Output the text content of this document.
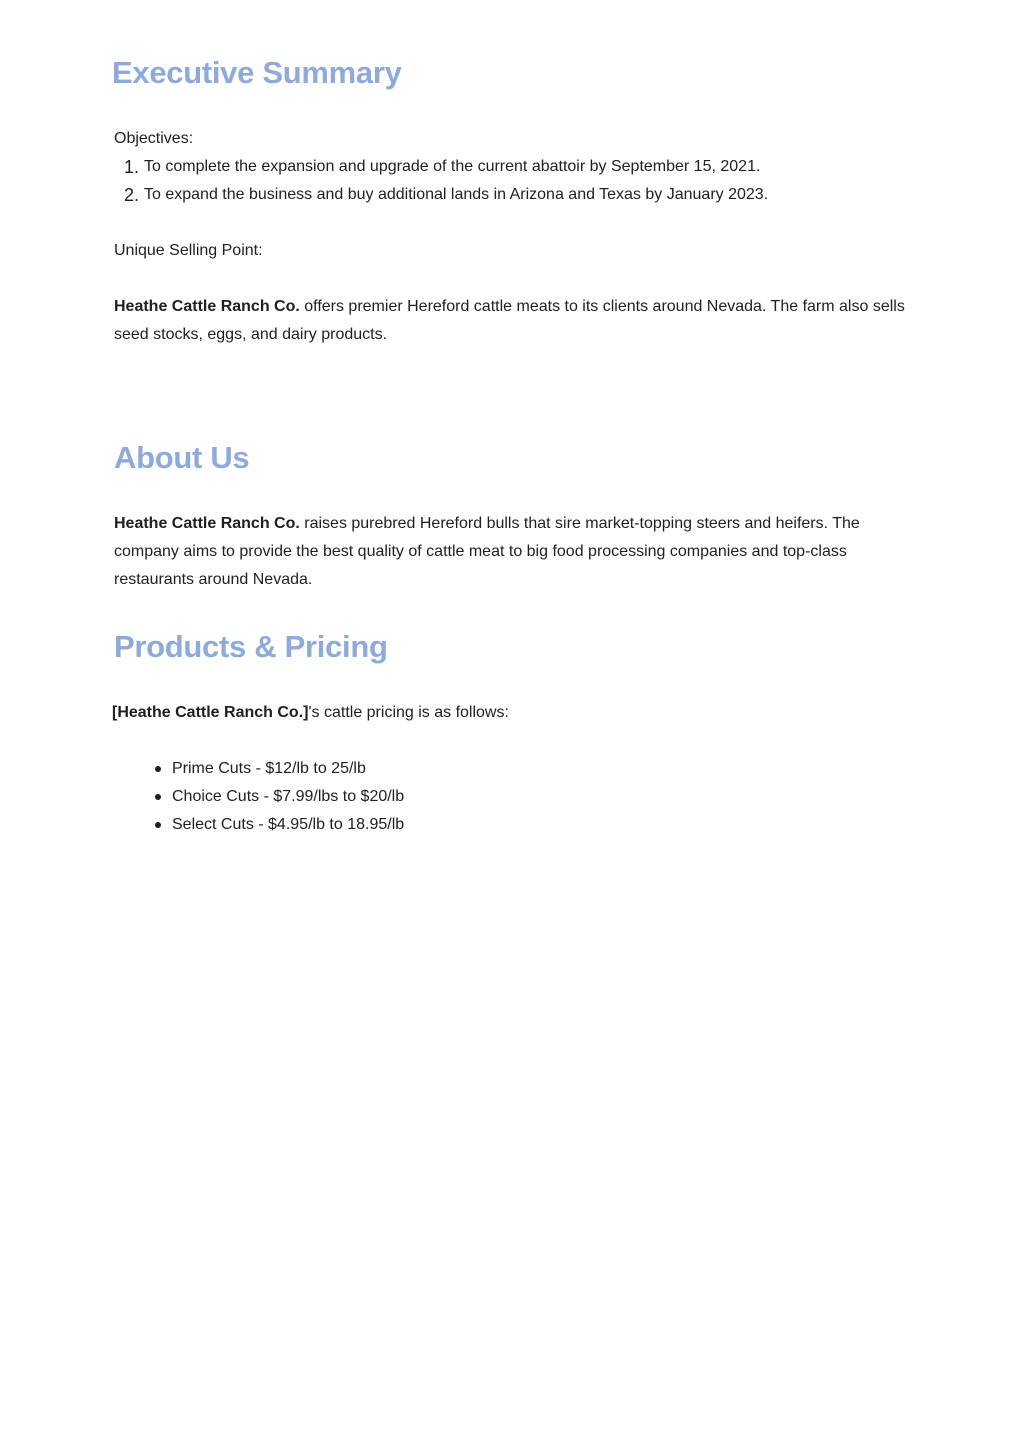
Executive Summary
Objectives:
1. To complete the expansion and upgrade of the current abattoir by September 15, 2021.
2. To expand the business and buy additional lands in Arizona and Texas by January 2023.
Unique Selling Point:

Heathe Cattle Ranch Co. offers premier Hereford cattle meats to its clients around Nevada. The farm also sells seed stocks, eggs, and dairy products.

About Us

Heathe Cattle Ranch Co. raises purebred Hereford bulls that sire market-topping steers and heifers. The company aims to provide the best quality of cattle meat to big food processing companies and top-class restaurants around Nevada.

Products & Pricing
[Heathe Cattle Ranch Co.]'s cattle pricing is as follows:
Prime Cuts - $12/lb to 25/lb
Choice Cuts - $7.99/lbs to $20/lb
Select Cuts - $4.95/lb to 18.95/lb
